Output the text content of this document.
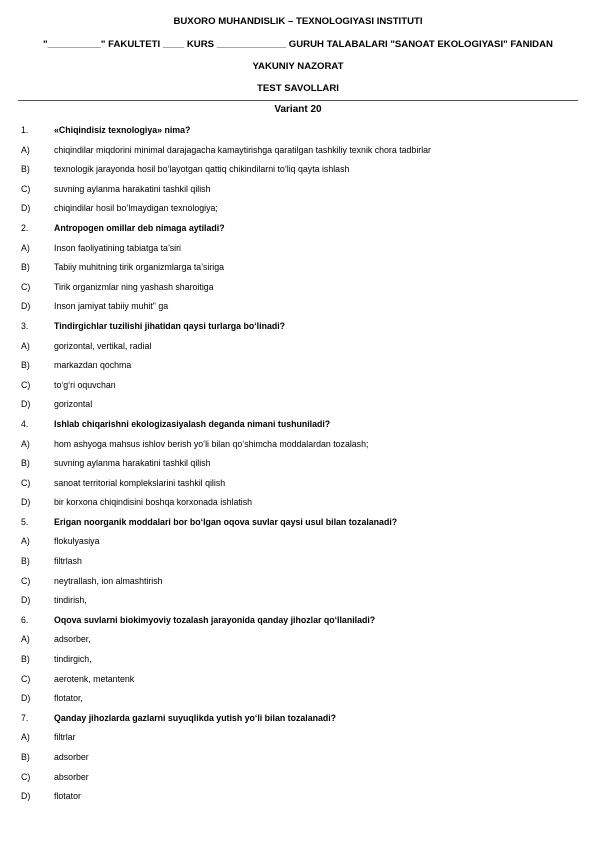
BUXORO MUHANDISLIK – TEXNOLOGIYASI INSTITUTI
"__________" FAKULTETI ____ KURS _____________ GURUH TALABALARI "SANOAT EKOLOGIYASI" FANIDAN
YAKUNIY NAZORAT
TEST SAVOLLARI
Variant 20
1.	«Chiqindisiz texnologiya» nima?
A)	chiqindilar miqdorini minimal darajagacha kamaytirishga qaratilgan tashkiliy texnik chora tadbirlar
B)	texnologik jarayonda hosil bo‘layotgan qattiq chikindilarni to‘liq qayta ishlash
C)	suvning aylanma harakatini tashkil qilish
D)	chiqindilar hosil bo‘lmaydigan texnologiya;
2.	Antropogen omillar deb nimaga aytiladi?
A)	Inson faoliyatining tabiatga ta’siri
B)	Tabiiy muhitning tirik organizmlarga ta’siriga
C)	Tirik organizmlar ning yashash sharoitiga
D)	Inson jamiyat tabiiy muhit" ga
3.	Tindirgichlar tuzilishi jihatidan qaysi turlarga bo‘linadi?
A)	gorizontal, vertikal, radial
B)	markazdan qochma
C)	to‘g‘ri oquvchan
D)	gorizontal
4.	Ishlab chiqarishni ekologizasiyalash deganda nimani tushuniladi?
A)	hom ashyoga mahsus ishlov berish yo‘li bilan qo‘shimcha moddalardan tozalash;
B)	suvning aylanma harakatini tashkil qilish
C)	sanoat territorial komplekslarini tashkil qilish
D)	bir korxona chiqindisini boshqa korxonada ishlatish
5.	Erigan noorganik moddalari bor bo‘lgan oqova suvlar qaysi usul bilan tozalanadi?
A)	flokulyasiya
B)	filtrlash
C)	neytrallash, ion almashtirish
D)	tindirish,
6.	Oqova suvlarni biokimyoviy tozalash jarayonida qanday jihozlar qo‘llaniladi?
A)	adsorber,
B)	tindirgich,
C)	aerotenk, metantenk
D)	flotator,
7.	Qanday jihozlarda gazlarni suyuqlikda yutish yo‘li bilan tozalanadi?
A)	filtrlar
B)	adsorber
C)	absorber
D)	flotator
